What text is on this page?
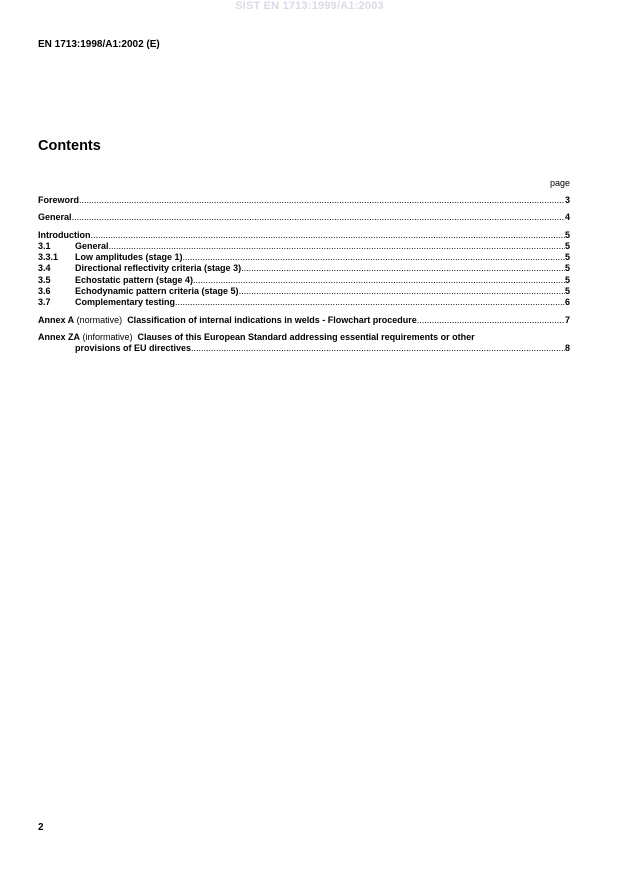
SIST EN 1713:1999/A1:2003
EN 1713:1998/A1:2002 (E)
Contents
page
Foreword .....	3
General .....	4
Introduction .....	5
3.1	General .....	5
3.3.1	Low amplitudes (stage 1) .....	5
3.4	Directional reflectivity criteria (stage 3) .....	5
3.5	Echostatic pattern (stage 4) .....	5
3.6	Echodynamic pattern criteria (stage 5) .....	5
3.7	Complementary testing .....	6
Annex A (normative)  Classification of internal indications in welds - Flowchart procedure .....	7
Annex ZA (informative)  Clauses of this European Standard addressing essential requirements or other
provisions of EU directives .....	8
2
